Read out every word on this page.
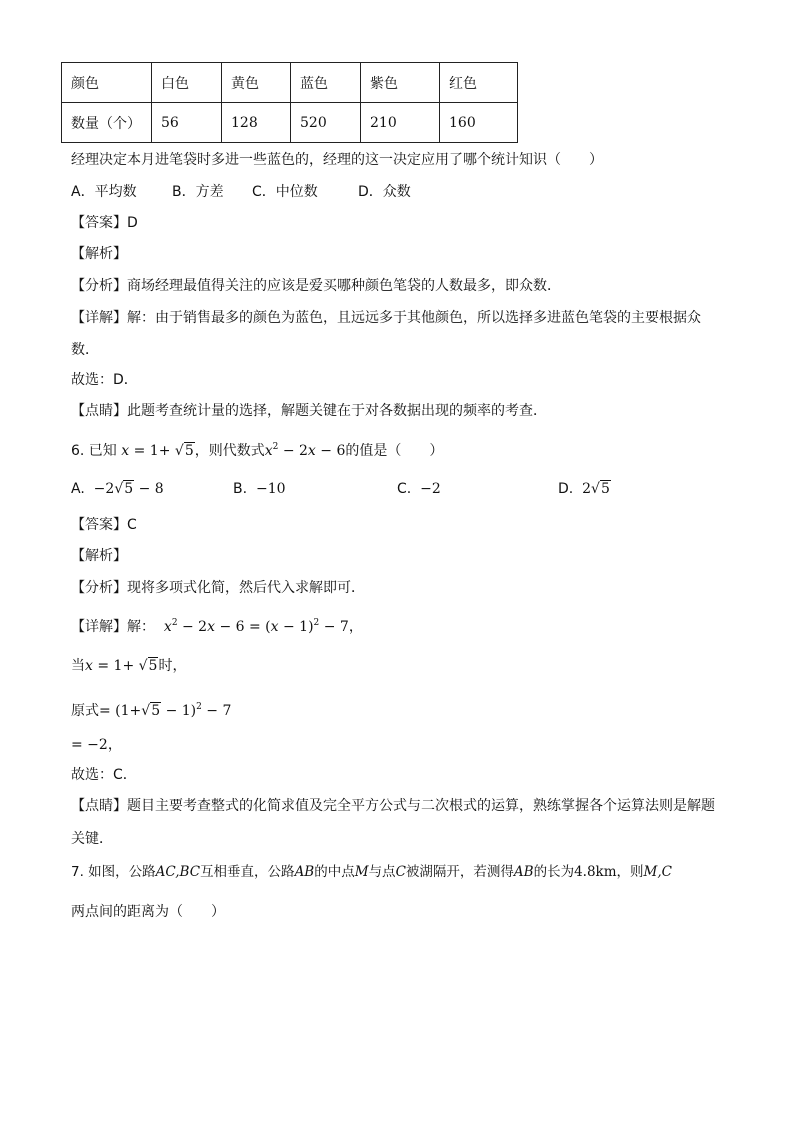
颜色	白色	黄色	蓝色	紫色	红色
数量（个）	56	128	520	210	160
经理决定本月进笔袋时多进一些蓝色的，经理的这一决定应用了哪个统计知识（　　）
A．平均数	B．方差 C．中位数	D．众数
【答案】D
【解析】
【分析】商场经理最值得关注的应该是爱买哪种颜色笔袋的人数最多，即众数．
【详解】解：由于销售最多的颜色为蓝色，且远远多于其他颜色，所以选择多进蓝色笔袋的主要根据众
数．
故选：D．
【点睛】此题考查统计量的选择，解题关键在于对各数据出现的频率的考查．
6. 已知 x = 1+ √5，则代数式$x^2 - 2x - 6$的值是（　　）
A.  −2√5 − 8	B. −10	C. −2	D.  2√5
【答案】C
【解析】
【分析】现将多项式化简，然后代入求解即可．
【详解】解：  $x^2 - 2x - 6 = (x - 1)^2 - 7$，
当x = 1+ √5时，
原式= $(1+√5 - 1)^2 - 7$
= −2，
故选：C．
【点睛】题目主要考查整式的化简求值及完全平方公式与二次根式的运算，熟练掌握各个运算法则是解题
关键．
7. 如图，公路AC,BC互相垂直，公路AB的中点M与点C被湖隔开，若测得AB的长为4.8km，则M,C
两点间的距离为（　　）
